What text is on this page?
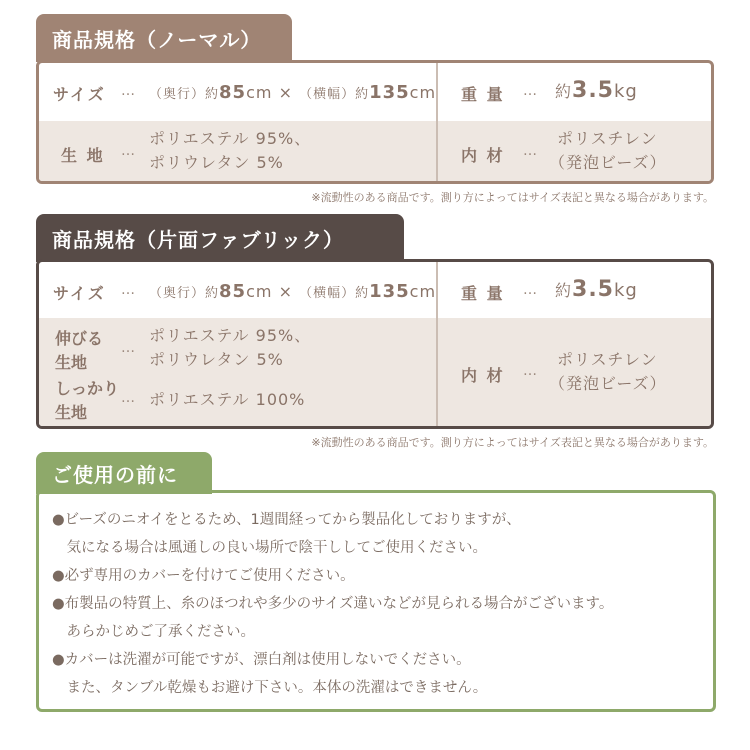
商品規格（ノーマル）
サイズ … （奥行）約85cm × （横幅）約135cm 重 量 … 約3.5kg
生 地 …
ポリエステル 95%、
ポリウレタン 5%	内 材 …
ポリスチレン
（発泡ビーズ）
※流動性のある商品です。測り方によってはサイズ表記と異なる場合があります。
商品規格（片面ファブリック）
サイズ … （奥行）約85cm × （横幅）約135cm 重 量 … 約3.5kg
伸びる
生地
…
ポリエステル 95%、
ポリウレタン 5%
しっかり
生地
… ポリエステル 100%
内 材 …
ポリスチレン
（発泡ビーズ）
※流動性のある商品です。測り方によってはサイズ表記と異なる場合があります。
ご使用の前に
●ビーズのニオイをとるため、1週間経ってから製品化しておりますが、
　気になる場合は風通しの良い場所で陰干ししてご使用ください。
●必ず専用のカバーを付けてご使用ください。
●布製品の特質上、糸のほつれや多少のサイズ違いなどが見られる場合がございます。
　あらかじめご了承ください。
●カバーは洗濯が可能ですが、漂白剤は使用しないでください。
　また、タンブル乾燥もお避け下さい。本体の洗濯はできません。
